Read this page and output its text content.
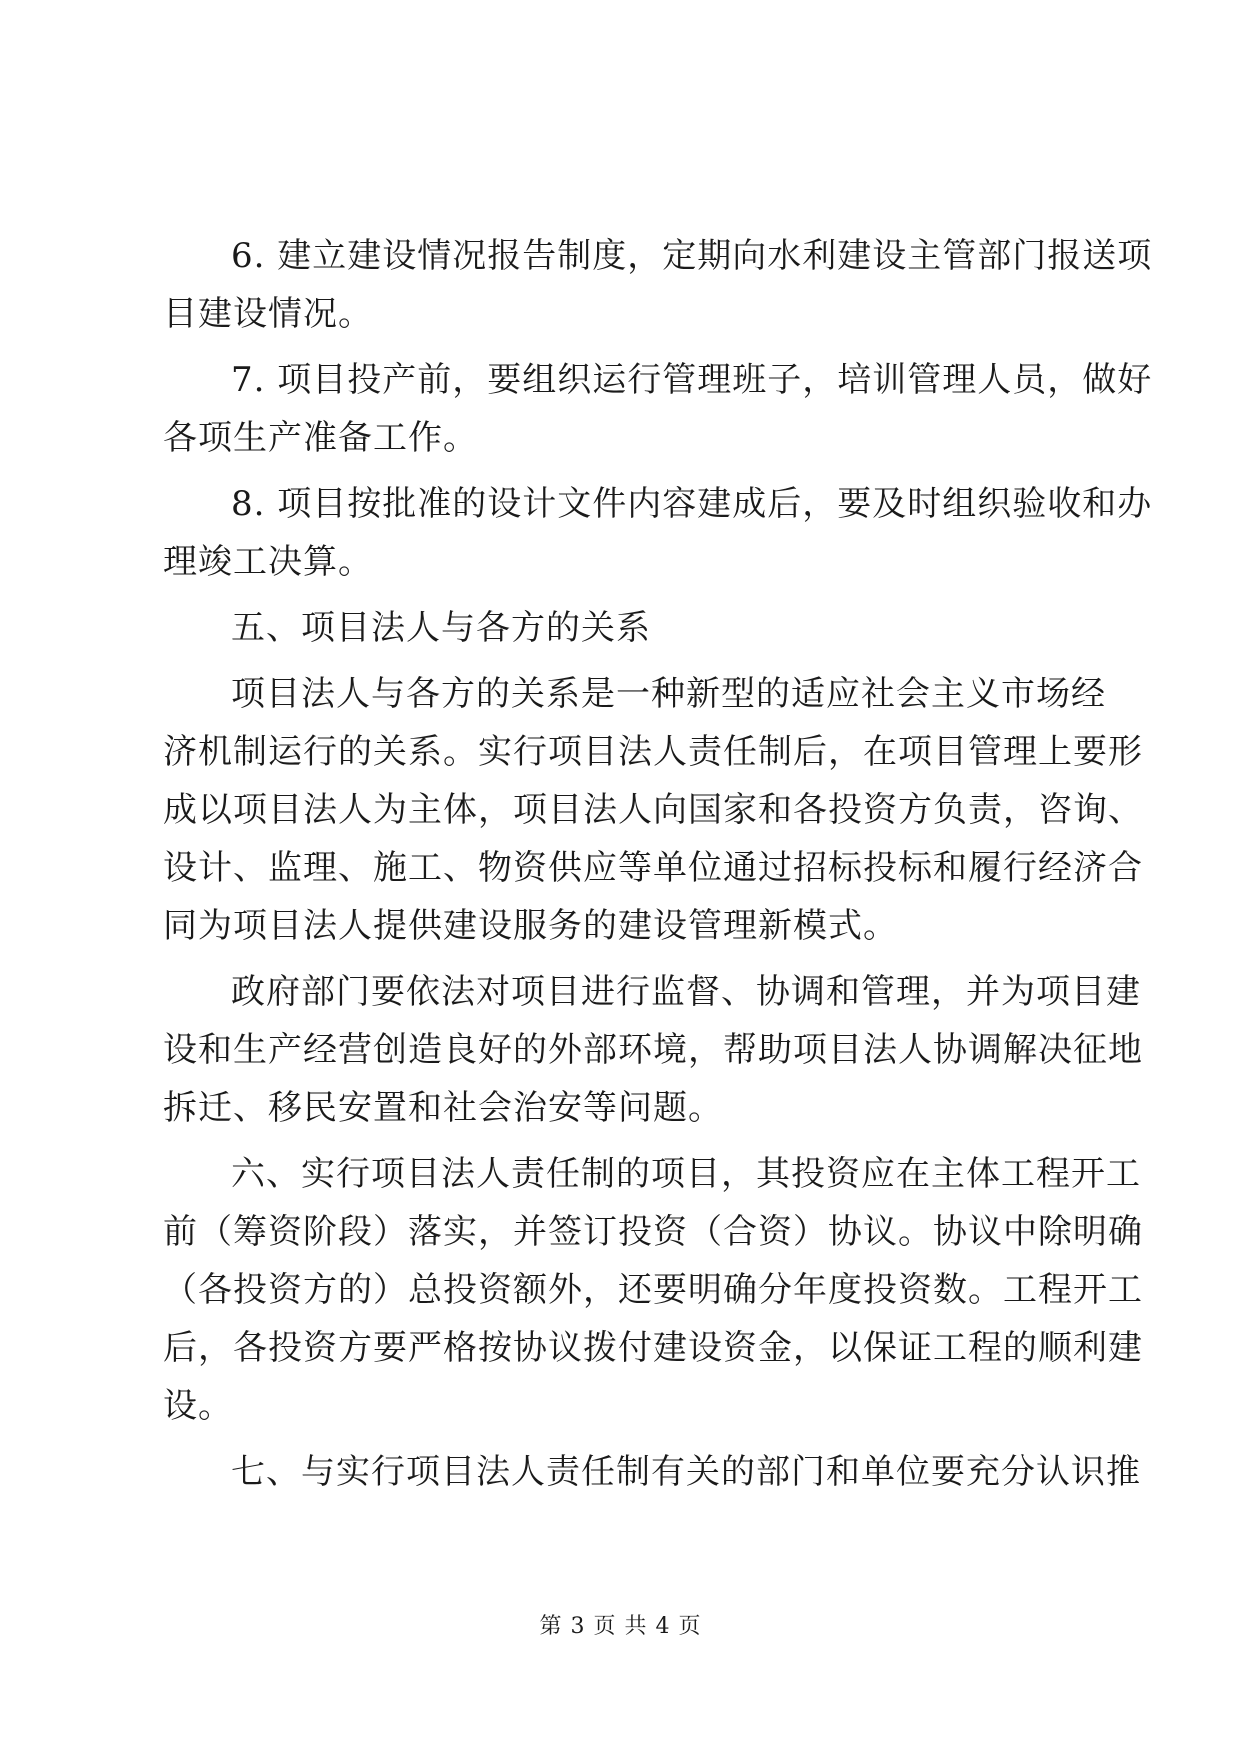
6. 建立建设情况报告制度，定期向水利建设主管部门报送项
目建设情况。
7. 项目投产前，要组织运行管理班子，培训管理人员，做好
各项生产准备工作。
8. 项目按批准的设计文件内容建成后，要及时组织验收和办
理竣工决算。
五、项目法人与各方的关系
项目法人与各方的关系是一种新型的适应社会主义市场经
济机制运行的关系。实行项目法人责任制后，在项目管理上要形
成以项目法人为主体，项目法人向国家和各投资方负责，咨询、
设计、监理、施工、物资供应等单位通过招标投标和履行经济合
同为项目法人提供建设服务的建设管理新模式。
政府部门要依法对项目进行监督、协调和管理，并为项目建
设和生产经营创造良好的外部环境，帮助项目法人协调解决征地
拆迁、移民安置和社会治安等问题。
六、实行项目法人责任制的项目，其投资应在主体工程开工
前（筹资阶段）落实，并签订投资（合资）协议。协议中除明确
（各投资方的）总投资额外，还要明确分年度投资数。工程开工
后，各投资方要严格按协议拨付建设资金，以保证工程的顺利建
设。
七、与实行项目法人责任制有关的部门和单位要充分认识推
第 3 页 共 4 页
